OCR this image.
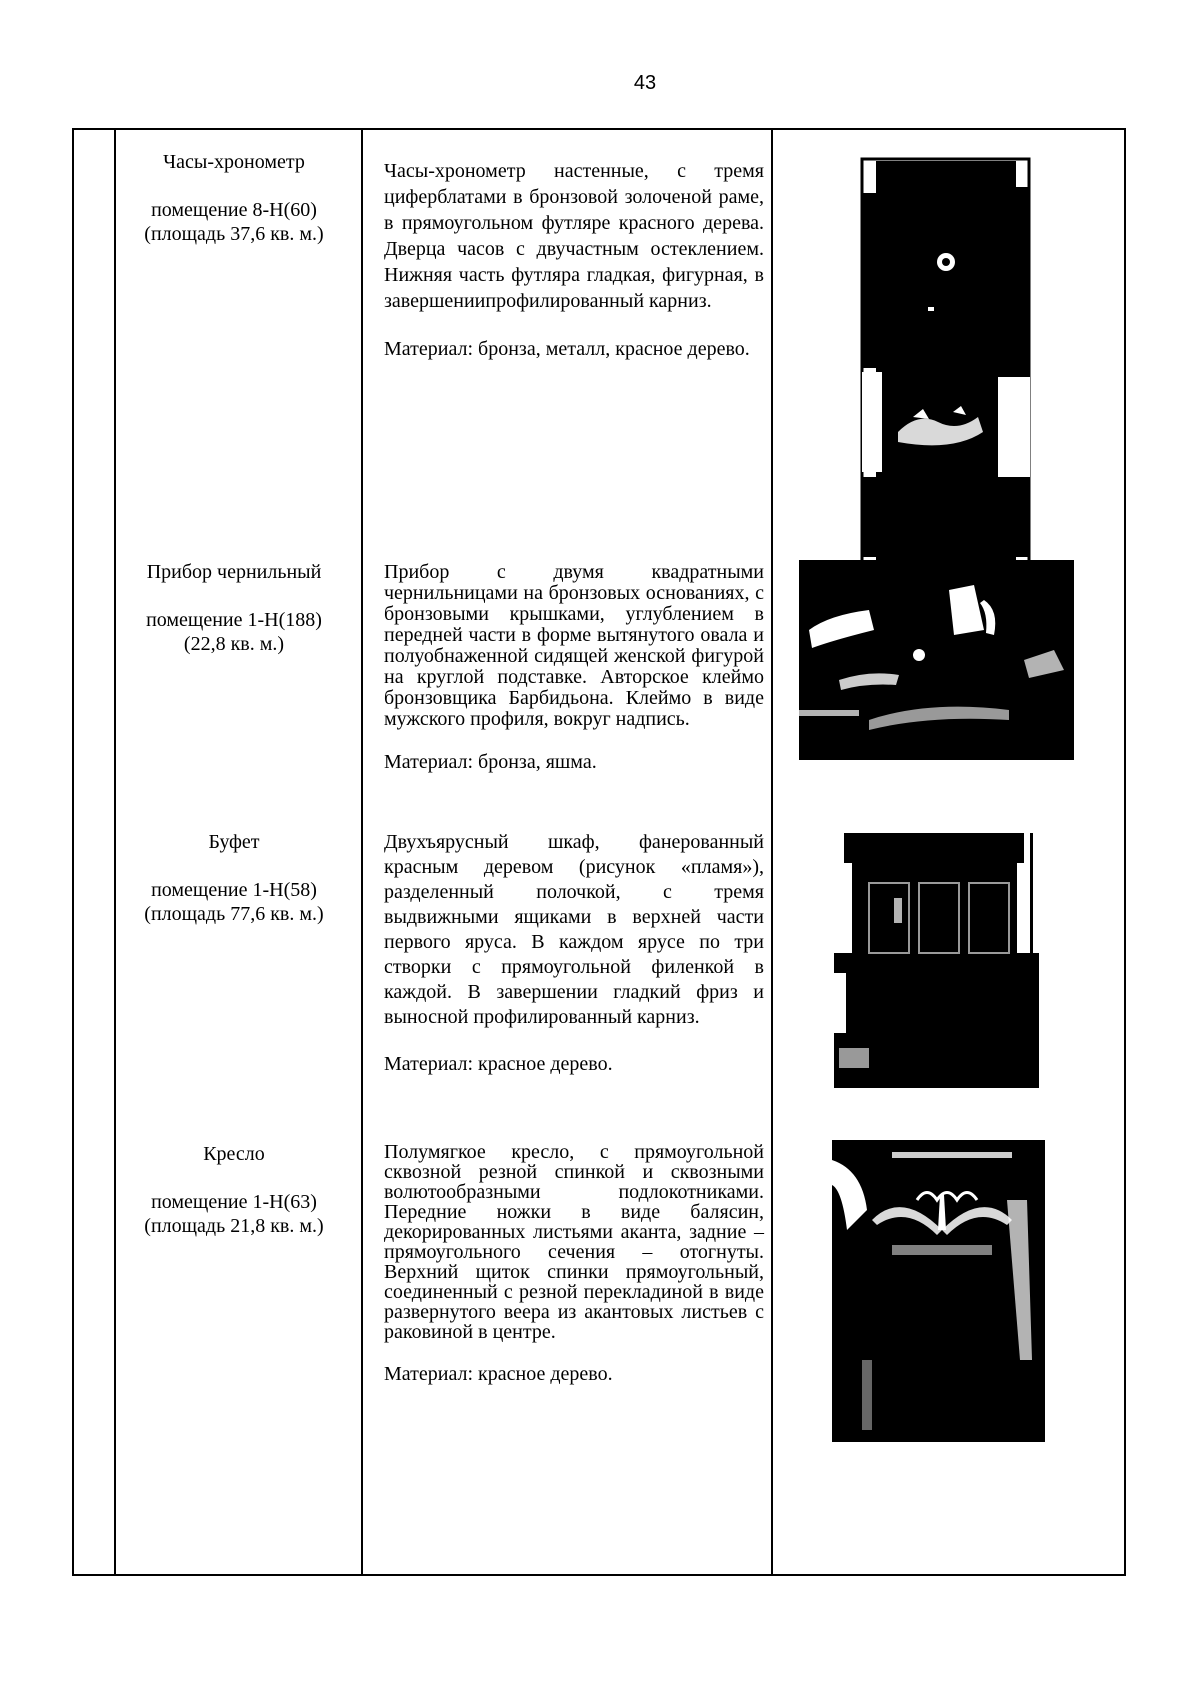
43
Часы-хронометр
помещение 8-Н(60)
(площадь 37,6 кв. м.)

Часы-хронометр настенные, с тремя циферблатами в бронзовой золоченой раме, в прямоугольном футляре красного дерева. Дверца часов с двучастным остеклением. Нижняя часть футляра гладкая, фигурная, в завершениипрофилированный карниз.

Материал: бронза, металл, красное дерево.

Прибор чернильный
помещение 1-Н(188)
(22,8 кв. м.)

Прибор с двумя квадратными чернильницами на бронзовых основаниях, с бронзовыми крышками, углублением в передней части в форме вытянутого овала и полуобнаженной сидящей женской фигурой на круглой подставке. Авторское клеймо бронзовщика Барбидьона. Клеймо в виде мужского профиля, вокруг надпись.

Материал: бронза, яшма.

Буфет
помещение 1-Н(58)
(площадь 77,6 кв. м.)

Двухъярусный шкаф, фанерованный красным деревом (рисунок «пламя»), разделенный полочкой, с тремя выдвижными ящиками в верхней части первого яруса. В каждом ярусе по три створки с прямоугольной филенкой в каждой. В завершении гладкий фриз и выносной профилированный карниз.

Материал: красное дерево.

Кресло
помещение 1-Н(63)
(площадь 21,8 кв. м.)

Полумягкое кресло, с прямоугольной сквозной резной спинкой и сквозными волютообразными подлокотниками. Передние ножки в виде балясин, декорированных листьями аканта, задние – прямоугольного сечения – отогнуты. Верхний щиток спинки прямоугольный, соединенный с резной перекладиной в виде развернутого веера из акантовых листьев с раковиной в центре.

Материал: красное дерево.
